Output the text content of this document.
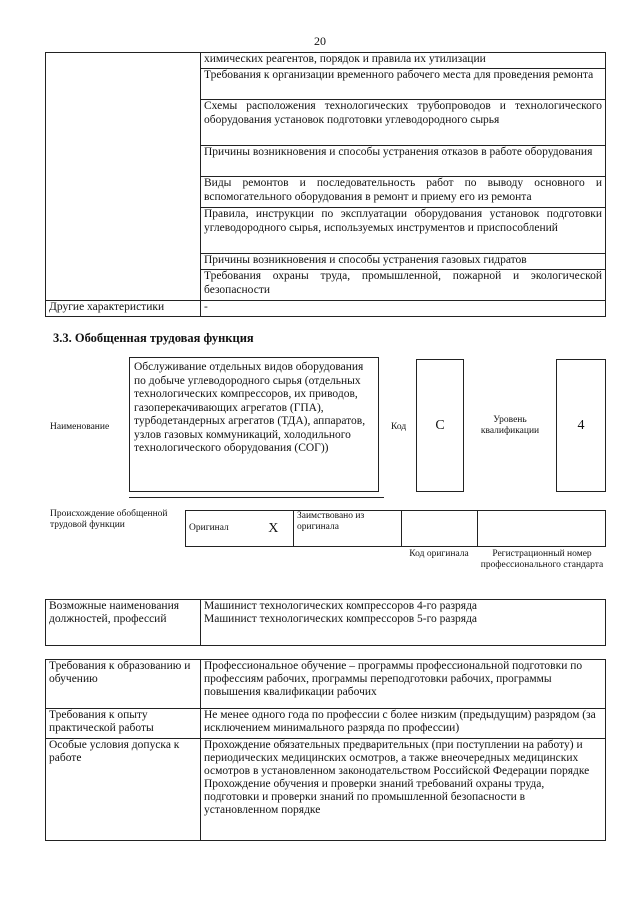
20
	химических реагентов, порядок и правила их утилизации
	Требования к организации временного рабочего места для проведения ремонта
	Схемы расположения технологических трубопроводов и технологического оборудования установок подготовки углеводородного сырья
	Причины возникновения и способы устранения отказов в работе оборудования
	Виды ремонтов и последовательность работ по выводу основного и вспомогательного оборудования в ремонт и приему его из ремонта
	Правила, инструкции по эксплуатации оборудования установок подготовки углеводородного сырья, используемых инструментов и приспособлений
	Причины возникновения и способы устранения газовых гидратов
	Требования охраны труда, промышленной, пожарной и экологической безопасности
Другие характеристики	-
3.3. Обобщенная трудовая функция
Наименование
Обслуживание отдельных видов оборудования по добыче углеводородного сырья (отдельных технологических компрессоров, их приводов, газоперекачивающих агрегатов (ГПА), турбодетандерных агрегатов (ТДА), аппаратов, узлов газовых коммуникаций, холодильного технологического оборудования (СОГ))
Код	C	Уровень квалификации	4
Происхождение обобщенной трудовой функции	Оригинал	X	Заимствовано из оригинала		
Код оригинала	Регистрационный номер профессионального стандарта
Возможные наименования должностей, профессий	
Машинист технологических компрессоров 4-го разряда
Машинист технологических компрессоров 5-го разряда
Требования к образованию и обучению	Профессиональное обучение – программы профессиональной подготовки по профессиям рабочих, программы переподготовки рабочих, программы повышения квалификации рабочих
Требования к опыту практической работы	Не менее одного года по профессии с более низким (предыдущим) разрядом (за исключением минимального разряда по профессии)
Особые условия допуска к работе	Прохождение обязательных предварительных (при поступлении на работу) и периодических медицинских осмотров, а также внеочередных медицинских осмотров в установленном законодательством Российской Федерации порядке
Прохождение обучения и проверки знаний требований охраны труда, подготовки и проверки знаний по промышленной безопасности в установленном порядке
